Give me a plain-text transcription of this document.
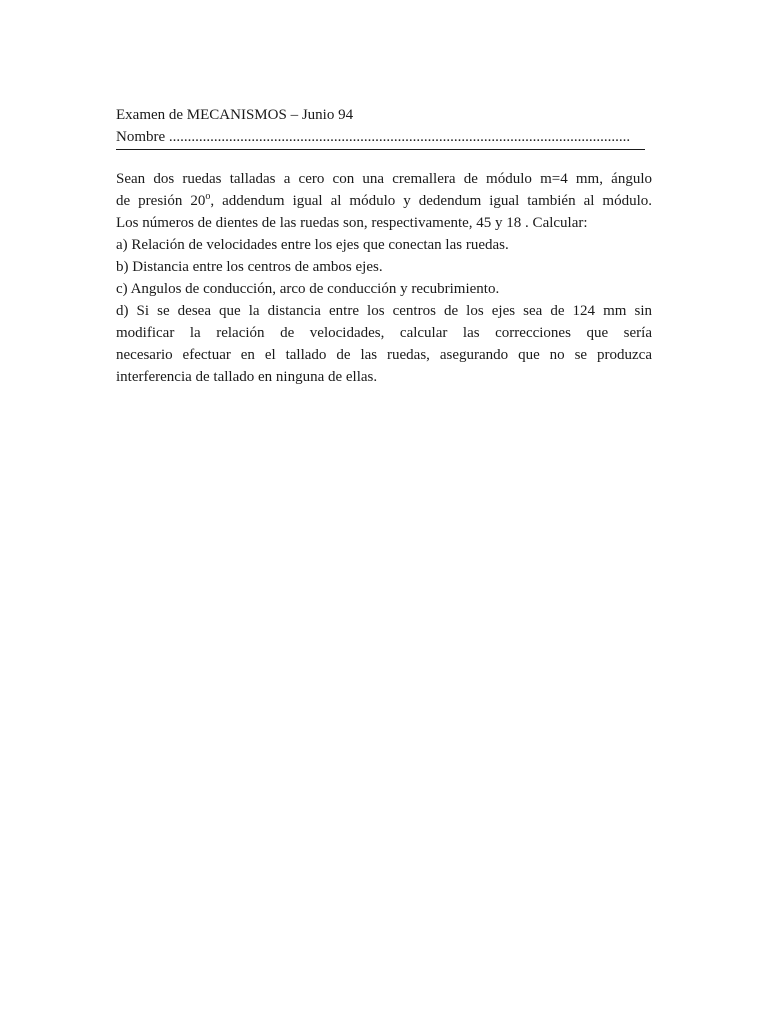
Examen de MECANISMOS – Junio 94
Nombre ...........................................................................................................................
Sean dos ruedas talladas a cero con una cremallera de módulo m=4 mm, ángulo
de presión 20$^o$, addendum igual al módulo y dedendum igual también al módulo.
Los números de dientes de las ruedas son, respectivamente, 45 y 18 . Calcular:
a) Relación de velocidades entre los ejes que conectan las ruedas.
b) Distancia entre los centros de ambos ejes.
c) Angulos de conducción, arco de conducción y recubrimiento.
d) Si se desea que la distancia entre los centros de los ejes sea de 124 mm sin
modificar la relación de velocidades, calcular las correcciones que sería
necesario efectuar en el tallado de las ruedas, asegurando que no se produzca
interferencia de tallado en ninguna de ellas.
